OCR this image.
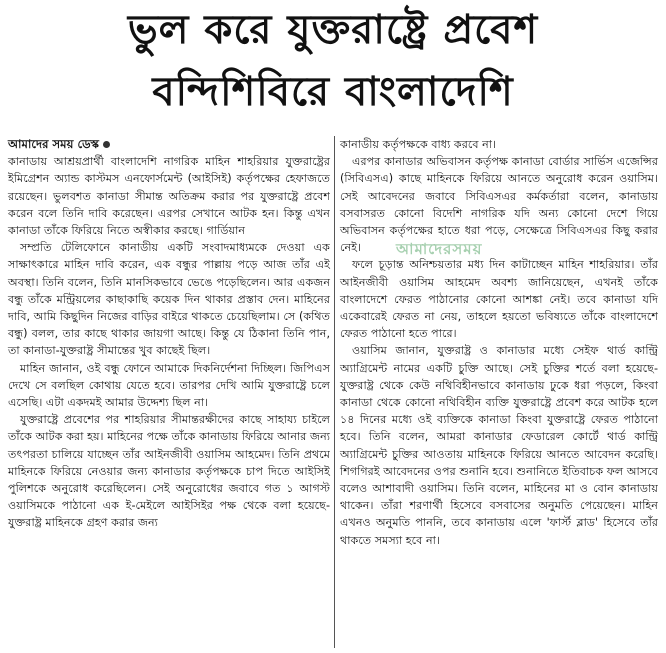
ভুল করে যুক্তরাষ্ট্রে প্রবেশ
বন্দিশিবিরে বাংলাদেশি

আমাদের সময় ডেস্ক

কানাডায় আশ্রয়প্রার্থী বাংলাদেশি নাগরিক মাহিন শাহরিয়ার যুক্তরাষ্ট্রের ইমিগ্রেশন অ্যান্ড কাস্টমস এনফোর্সমেন্ট (আইসিই) কর্তৃপক্ষের হেফাজতে রয়েছেন। ভুলবশত কানাডা সীমান্ত অতিক্রম করার পর যুক্তরাষ্ট্রে প্রবেশ করেন বলে তিনি দাবি করেছেন। এরপর সেখানে আটক হন। কিন্তু এখন কানাডা তাঁকে ফিরিয়ে নিতে অস্বীকার করছে। গার্ডিয়ান

সম্প্রতি টেলিফোনে কানাডীয় একটি সংবাদমাধ্যমকে দেওয়া এক সাক্ষাৎকারে মাহিন দাবি করেন, এক বন্ধুর পাল্লায় পড়ে আজ তাঁর এই অবস্থা। তিনি বলেন, তিনি মানসিকভাবে ভেঙে পড়েছিলেন। আর একজন বন্ধু তাঁকে মন্ট্রিয়লের কাছাকাছি কয়েক দিন থাকার প্রস্তাব দেন। মাহিনের দাবি, আমি কিছুদিন নিজের বাড়ির বাইরে থাকতে চেয়েছিলাম। সে (কথিত বন্ধু) বলল, তার কাছে থাকার জায়গা আছে। কিন্তু যে ঠিকানা তিনি পান, তা কানাডা-যুক্তরাষ্ট্র সীমান্তের খুব কাছেই ছিল।

মাহিন জানান, ওই বন্ধু ফোনে আমাকে দিকনির্দেশনা দিচ্ছিল। জিপিএস দেখে সে বলছিল কোথায় যেতে হবে। তারপর দেখি আমি যুক্তরাষ্ট্রে চলে এসেছি। এটা একদমই আমার উদ্দেশ্য ছিল না।

যুক্তরাষ্ট্রে প্রবেশের পর শাহরিয়ার সীমান্তরক্ষীদের কাছে সাহায্য চাইলে তাঁকে আটক করা হয়। মাহিনের পক্ষে তাঁকে কানাডায় ফিরিয়ে আনার জন্য তৎপরতা চালিয়ে যাচ্ছেন তাঁর আইনজীবী ওয়াসিম আহমেদ। তিনি প্রথমে মাহিনকে ফিরিয়ে নেওয়ার জন্য কানাডার কর্তৃপক্ষকে চাপ দিতে আইসিই পুলিশকে অনুরোধ করেছিলেন। সেই অনুরোধের জবাবে গত ১ আগস্ট ওয়াসিমকে পাঠানো এক ই-মেইলে আইসিইর পক্ষ থেকে বলা হয়েছে- যুক্তরাষ্ট্র মাহিনকে গ্রহণ করার জন্য

কানাডীয় কর্তৃপক্ষকে বাধ্য করবে না।

এরপর কানাডার অভিবাসন কর্তৃপক্ষ কানাডা বোর্ডার সার্ভিস এজেন্সির (সিবিএসএ) কাছে মাহিনকে ফিরিয়ে আনতে অনুরোধ করেন ওয়াসিম। সেই আবেদনের জবাবে সিবিএসএর কর্মকর্তারা বলেন, কানাডায় বসবাসরত কোনো বিদেশি নাগরিক যদি অন্য কোনো দেশে গিয়ে অভিবাসন কর্তৃপক্ষের হাতে ধরা পড়ে, সেক্ষেত্রে সিবিএসএর কিছু করার নেই।

ফলে চূড়ান্ত অনিশ্চয়তার মধ্য দিন কাটাচ্ছেন মাহিন শাহরিয়ার। তাঁর আইনজীবী ওয়াসিম আহমেদ অবশ্য জানিয়েছেন, এখনই তাঁকে বাংলাদেশে ফেরত পাঠানোর কোনো আশঙ্কা নেই। তবে কানাডা যদি একেবারেই ফেরত না নেয়, তাহলে হয়তো ভবিষ্যতে তাঁকে বাংলাদেশে ফেরত পাঠানো হতে পারে।

ওয়াসিম জানান, যুক্তরাষ্ট্র ও কানাডার মধ্যে সেইফ থার্ড কান্ট্রি অ্যাগ্রিমেন্ট নামের একটি চুক্তি আছে। সেই চুক্তির শর্তে বলা হয়েছে- যুক্তরাষ্ট্র থেকে কেউ নথিবিহীনভাবে কানাডায় ঢুকে ধরা পড়লে, কিংবা কানাডা থেকে কোনো নথিবিহীন ব্যক্তি যুক্তরাষ্ট্রে প্রবেশ করে আটক হলে ১৪ দিনের মধ্যে ওই ব্যক্তিকে কানাডা কিংবা যুক্তরাষ্ট্রে ফেরত পাঠানো হবে। তিনি বলেন, আমরা কানাডার ফেডারেল কোর্টে থার্ড কান্ট্রি অ্যাগ্রিমেন্ট চুক্তির আওতায় মাহিনকে ফিরিয়ে আনতে আবেদন করেছি। শিগগিরই আবেদনের ওপর শুনানি হবে। শুনানিতে ইতিবাচক ফল আসবে বলেও আশাবাদী ওয়াসিম। তিনি বলেন, মাহিনের মা ও বোন কানাডায় থাকেন। তাঁরা শরণার্থী হিসেবে বসবাসের অনুমতি পেয়েছেন। মাহিন এখনও অনুমতি পাননি, তবে কানাডায় এলে 'ফার্স্ট ব্লাড' হিসেবে তাঁর থাকতে সমস্যা হবে না।

আমাদেরসময়
